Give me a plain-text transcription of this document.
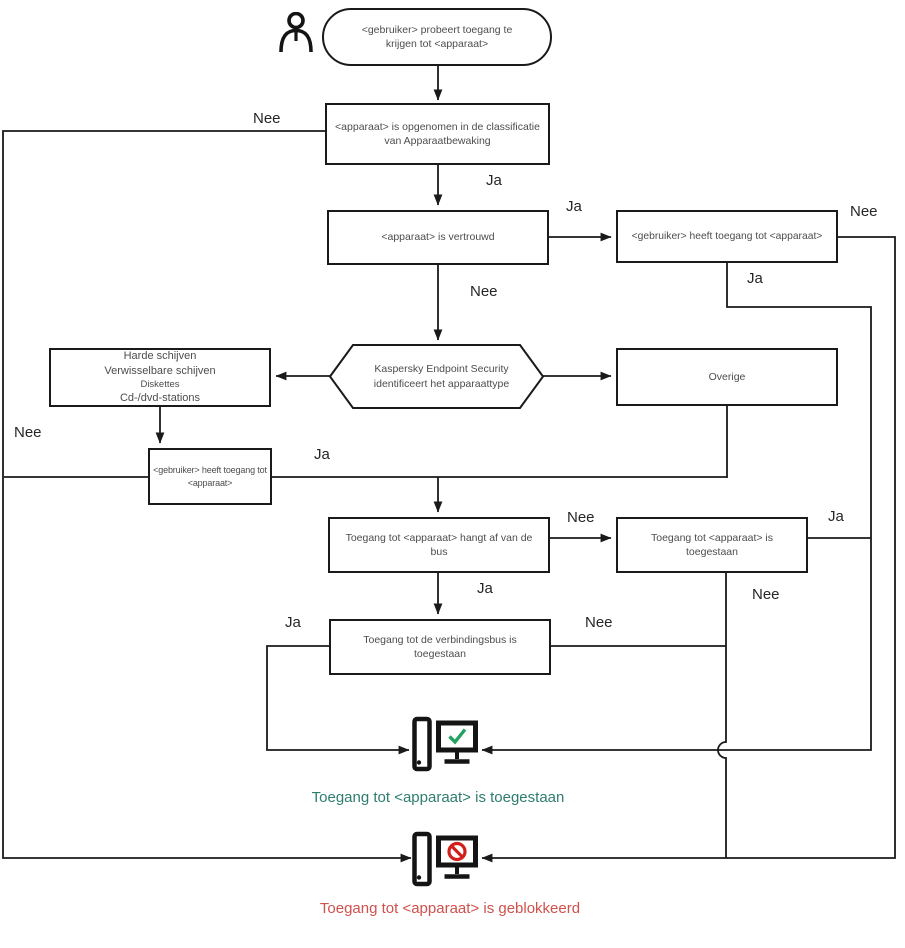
<gebruiker> probeert toegang te
krijgen tot <apparaat>
<apparaat> is opgenomen in de classificatie
van Apparaatbewaking
<apparaat> is vertrouwd	<gebruiker> heeft toegang tot <apparaat>
Kaspersky Endpoint Security
identificeert het apparaattype
Harde schijven
Verwisselbare schijven
Diskettes
Cd-/dvd-stations
Overige
<gebruiker> heeft toegang tot
<apparaat>
Toegang tot <apparaat> hangt af van de
bus
Toegang tot <apparaat> is
toegestaan
Toegang tot de verbindingsbus is
toegestaan
Nee
Ja
Ja	Nee
Nee
Ja
Nee
Ja
Nee	Ja
Ja	Nee
Ja	Nee
Toegang tot <apparaat> is toegestaan
Toegang tot <apparaat> is geblokkeerd
